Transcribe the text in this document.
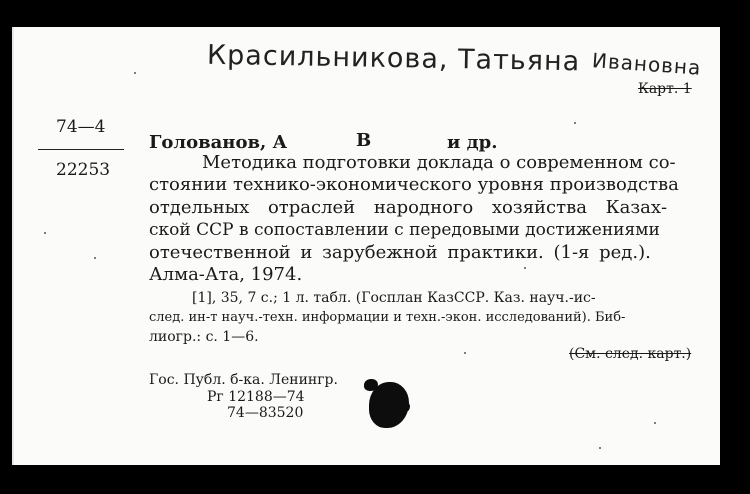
Красильникова, Татьяна Ивановна
Карт. 1
74—4
22253
Голованов, А	В	и др.
Методика подготовки доклада о современном со-
стоянии технико-экономического уровня производства
отдельных отраслей народного хозяйства Казах-
ской ССР в сопоставлении с передовыми достижениями
отечественной и зарубежной практики. (1-я ред.).
Алма-Ата, 1974.
[1], 35, 7 с.; 1 л. табл. (Госплан КазССР. Каз. науч.-ис-
след. ин-т науч.-техн. информации и техн.-экон. исследований). Биб-
лиогр.: с. 1—6.
(См. след. карт.)
Гос. Публ. б-ка. Ленингр.
Рг 12188—74
74—83520
